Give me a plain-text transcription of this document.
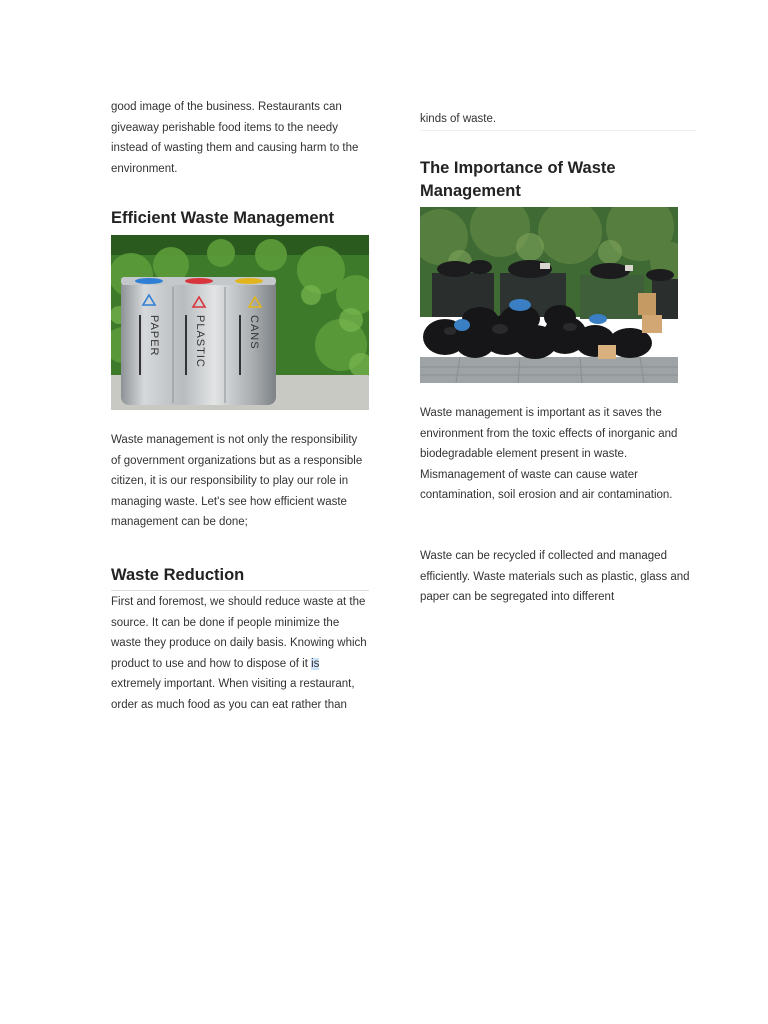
good image of the business. Restaurants can giveaway perishable food items to the needy instead of wasting them and causing harm to the environment.

Efficient Waste Management
PAPER	PLASTIC	CANS

Waste management is not only the responsibility of government organizations but as a responsible citizen, it is our responsibility to play our role in managing waste. Let's see how efficient waste management can be done;

Waste Reduction

First and foremost, we should reduce waste at the source. It can be done if people minimize the waste they produce on daily basis. Knowing which product to use and how to dispose of it is extremely important. When visiting a restaurant, order as much food as you can eat rather than

kinds of waste.

The Importance of Waste Management

Waste management is important as it saves the environment from the toxic effects of inorganic and biodegradable element present in waste. Mismanagement of waste can cause water contamination, soil erosion and air contamination.

Waste can be recycled if collected and managed efficiently. Waste materials such as plastic, glass and paper can be segregated into different
